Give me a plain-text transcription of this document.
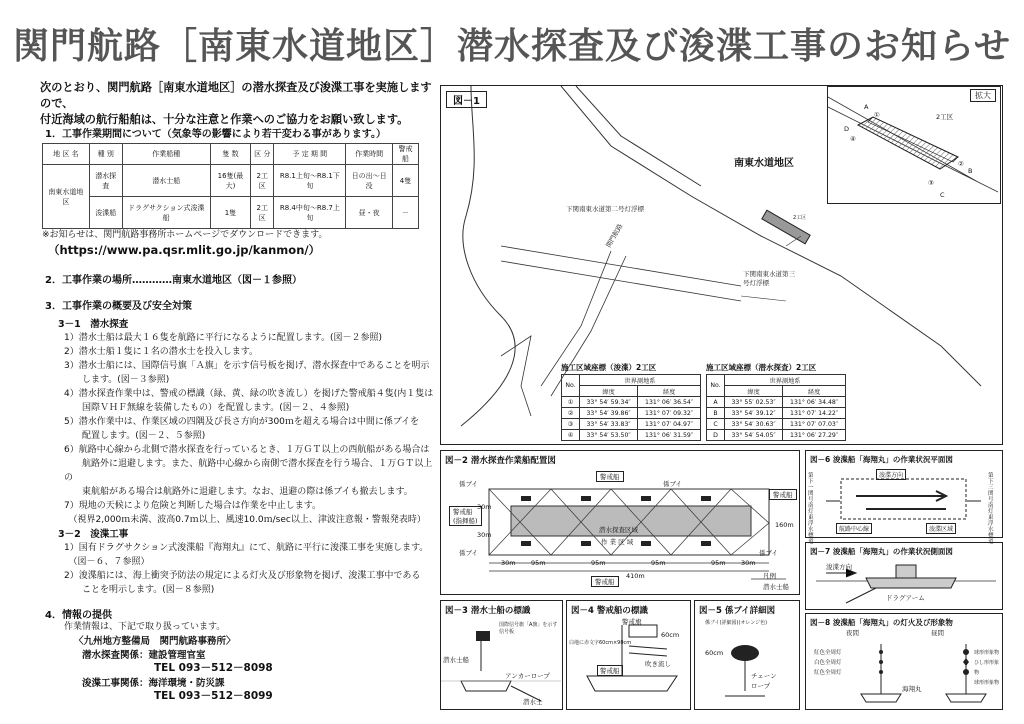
関門航路［南東水道地区］潜水探査及び浚渫工事のお知らせ
次のとおり、関門航路［南東水道地区］の潜水探査及び浚渫工事を実施しますので、
付近海域の航行船舶は、十分な注意と作業へのご協力をお願い致します。
1．工事作業期間について（気象等の影響により若干変わる事があります。）
地 区 名	種 別	作業船種	隻 数	区 分	予 定 期 間	作業時間	警戒船
南東水道地区	潜水探査	潜水士船	16隻(最大)	2工区	R8.1上旬～R8.1下旬	日の出～日没	4隻
	浚渫船	ドラグサクション式浚渫船	1隻	2工区	R8.4中旬～R8.7上旬	昼・夜	－
※お知らせは、関門航路事務所ホームページでダウンロードできます。
（https://www.pa.qsr.mlit.go.jp/kanmon/）
2．工事作業の場所…………南東水道地区（図－１参照）
3．工事作業の概要及び安全対策
3－1　潜水探査
1）潜水士船は最大１６隻を航路に平行になるように配置します。(図－２参照)
2）潜水士船１隻に１名の潜水士を投入します。
3）潜水士船には、国際信号旗「Ａ旗」を示す信号板を掲げ、潜水探査中であることを明示
　　します。(図－３参照)
4）潜水探査作業中は、警戒の標識（緑、黄、緑の吹き流し）を掲げた警戒船４隻(内１隻は
　　国際ＶＨＦ無線を装備したもの）を配置します。(図－２、４参照)
5）潜水作業中は、作業区域の四隅及び長さ方向が300ｍを超える場合は中間に係ブイを
　　配置します。(図－２、５参照)
6）航路中心線から北側で潜水探査を行っているとき、１万ＧＴ以上の西航船がある場合は
　　航路外に退避します。また、航路中心線から南側で潜水探査を行う場合、１万ＧＴ以上の
　　東航船がある場合は航路外に退避します。なお、退避の際は係ブイも撤去します。
7）現地の天候により危険と判断した場合は作業を中止します。
　（視界2,000ｍ未満、波高0.7ｍ以上、風速10.0ｍ/sec以上、津波注意報・警報発表時）
3－2　浚渫工事
1）国有ドラグサクション式浚渫船『海翔丸』にて、航路に平行に浚渫工事を実施します。
　（図－６、７参照）
2）浚渫船には、海上衝突予防法の規定による灯火及び形象物を掲げ、浚渫工事中である
　　ことを明示します。(図－８参照)
4．情報の提供
作業情報は、下記で取り扱っています。
〈九州地方整備局　関門航路事務所〉
潜水探査関係：建設管理官室
TEL 093－512－8098
浚渫工事関係：海洋環境・防災課
TEL 093－512－8099
図－1
南東水道地区
下関南東水道第二号灯浮標
下関南東水道第三号灯浮標
関門航路
2工区
拡大
2工区
A
①
②
B
③
C
D
④
施工区域座標（浚渫）2工区
No.	世界測地系	
	緯度	経度
①	33° 54′ 59.34″	131° 06′ 36.54″
②	33° 54′ 39.86″	131° 07′ 09.32″
③	33° 54′ 33.83″	131° 07′ 04.97″
④	33° 54′ 53.50″	131° 06′ 31.59″
施工区域座標（潜水探査）2工区
No.	世界測地系	
	緯度	経度
A	33° 55′ 02.53″	131° 06′ 34.48″
B	33° 54′ 39.12″	131° 07′ 14.22″
C	33° 54′ 30.63″	131° 07′ 07.03″
D	33° 54′ 54.05″	131° 06′ 27.29″
図－2 潜水探査作業船配置図
警戒船
警戒船
警戒船
(指揮船)
警戒船
係ブイ	係ブイ
係ブイ	係ブイ
潜水探査区域
作 業 区 域
95m	95m	95m	95m
30m	30m
30m
30m
410m
160m
凡例
潜水士船
図－3 潜水士船の標識
国際信号旗「A旗」を示す信号板
潜水士船
アンカーロープ
潜水士
図－4 警戒船の標識
警戒旗
白地に赤文字60cm×90cm
60cm
警戒船
吹き流し
図－5 係ブイ詳細図
係ブイ(詳細図)(オレンジ色)
60cm
チェーン
ロープ
図－6 浚渫船「海翔丸」の作業状況平面図
浚渫方向
航路中心線	浚渫区域
第下一関号南灯東浮水標道
第下三関号南灯東浮水標道
図－7 浚渫船「海翔丸」の作業状況側面図
浚渫方向
ドラグアーム
図－8 浚渫船「海翔丸」の灯火及び形象物
夜間	昼間
紅色全周灯
白色全周灯
紅色全周灯
球形形象物
ひし形形象物
球形形象物
海翔丸
